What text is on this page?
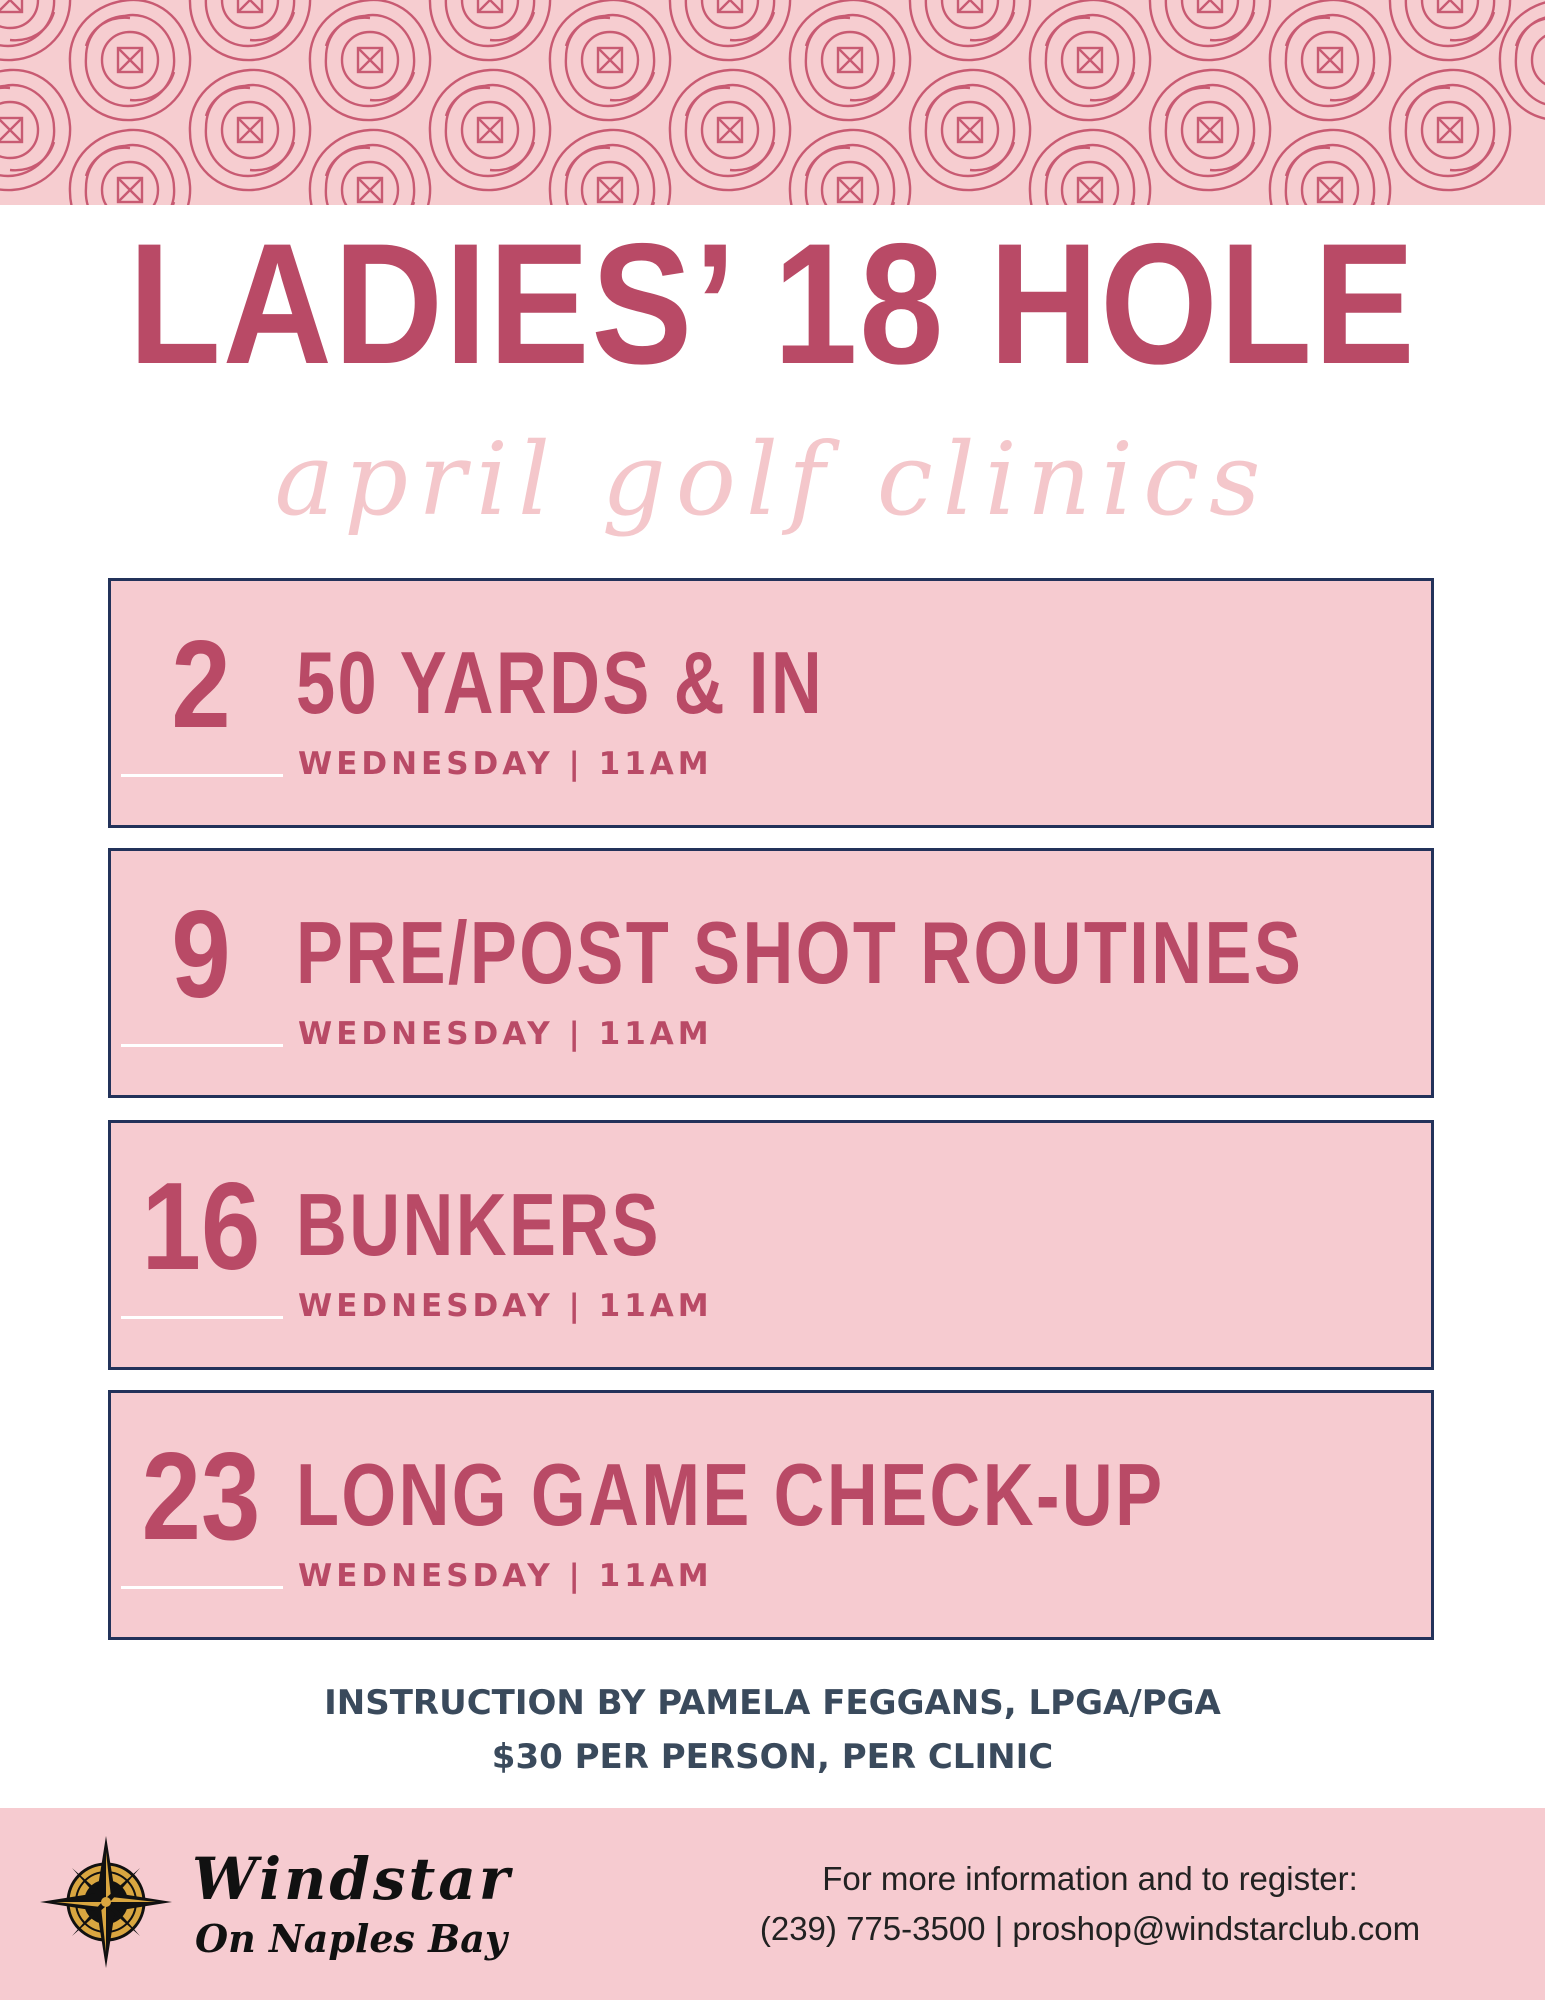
LADIES’ 18 HOLE
april golf clinics
2 50 YARDS & IN
WEDNESDAY | 11AM
9 PRE/POST SHOT ROUTINES
WEDNESDAY | 11AM
16 BUNKERS
WEDNESDAY | 11AM
23 LONG GAME CHECK-UP
WEDNESDAY | 11AM
INSTRUCTION BY PAMELA FEGGANS, LPGA/PGA
$30 PER PERSON, PER CLINIC
Windstar
On Naples Bay
For more information and to register:
(239) 775-3500 | proshop@windstarclub.com
